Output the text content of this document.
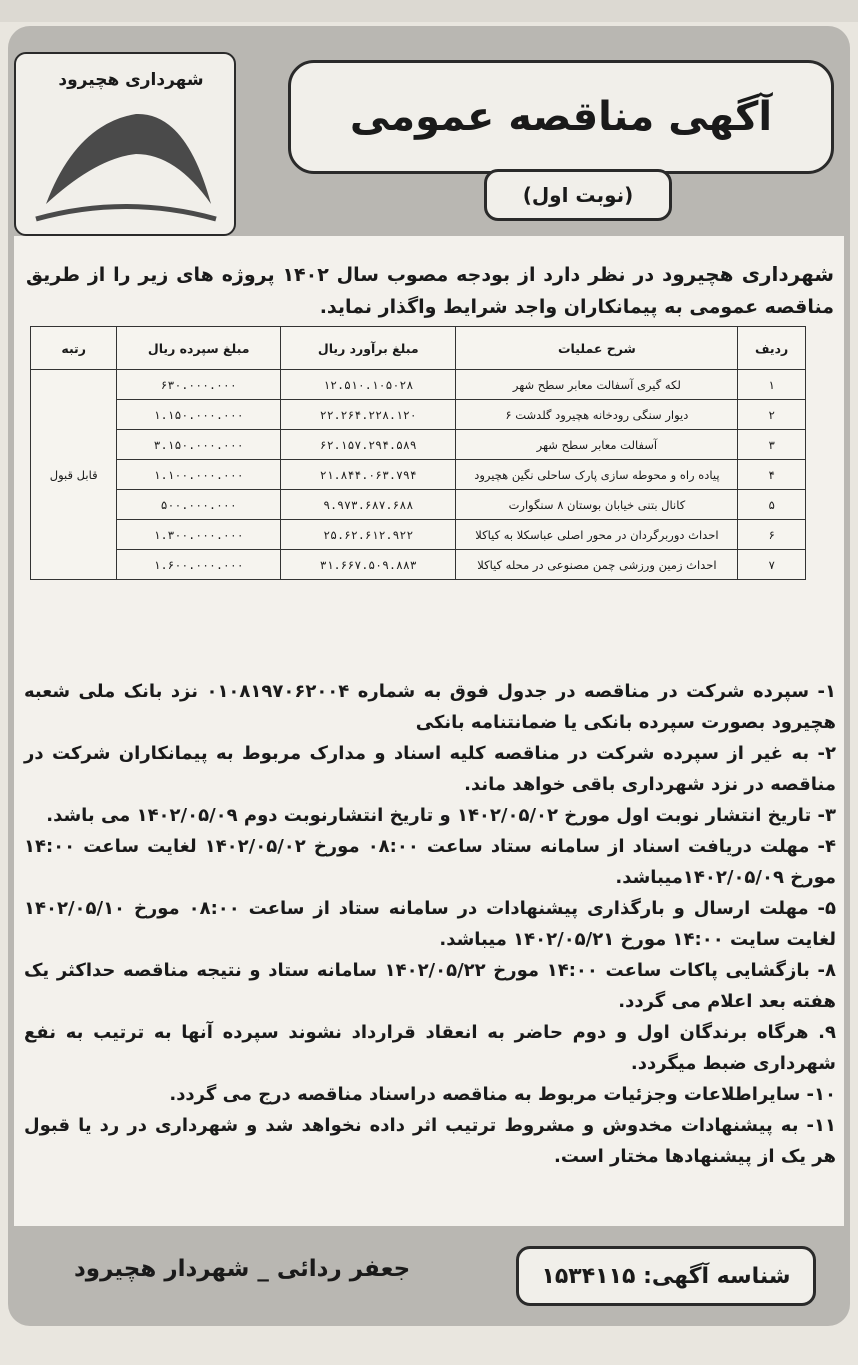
شهرداری هچیرود
آگهی مناقصه عمومی
(نوبت اول)
شهرداری هچیرود در نظر دارد از بودجه مصوب سال ۱۴۰۲ پروژه های زیر را از طریق مناقصه عمومی به پیمانکاران واجد شرایط واگذار نماید.
ردیف	شرح عملیات	مبلغ برآورد ریال	مبلغ سپرده ریال	رتبه
۱	لکه گیری آسفالت معابر سطح شهر	۱۲.۵۱۰.۱۰۵۰۲۸	۶۳۰.۰۰۰.۰۰۰	قابل قبول
۲	دیوار سنگی رودخانه هچیرود گلدشت ۶	۲۲.۲۶۴.۲۲۸.۱۲۰	۱.۱۵۰.۰۰۰.۰۰۰	
۳	آسفالت معابر سطح شهر	۶۲.۱۵۷.۲۹۴.۵۸۹	۳.۱۵۰.۰۰۰.۰۰۰	
۴	پیاده راه و محوطه سازی پارک ساحلی نگین هچیرود	۲۱.۸۴۴.۰۶۳.۷۹۴	۱.۱۰۰.۰۰۰.۰۰۰	
۵	کانال بتنی خیابان بوستان ۸ سنگوارت	۹.۹۷۳.۶۸۷.۶۸۸	۵۰۰.۰۰۰.۰۰۰	
۶	احداث دوربرگردان در محور اصلی عباسکلا به کیاکلا	۲۵.۶۲.۶۱۲.۹۲۲	۱.۳۰۰.۰۰۰.۰۰۰	
۷	احداث زمین ورزشی چمن مصنوعی در محله کیاکلا	۳۱.۶۶۷.۵۰۹.۸۸۳	۱.۶۰۰.۰۰۰.۰۰۰	

۱- سپرده شرکت در مناقصه در جدول فوق به شماره ۰۱۰۸۱۹۷۰۶۲۰۰۴ نزد بانک ملی شعبه هچیرود بصورت سپرده بانکی یا ضمانتنامه بانکی

۲- به غیر از سپرده شرکت در مناقصه کلیه اسناد و مدارک مربوط به پیمانکاران شرکت در مناقصه در نزد شهرداری باقی خواهد ماند.

۳- تاریخ انتشار نوبت اول مورخ ۱۴۰۲/۰۵/۰۲ و تاریخ انتشارنوبت دوم ۱۴۰۲/۰۵/۰۹ می باشد.

۴- مهلت دریافت اسناد از سامانه ستاد ساعت ۰۸:۰۰ مورخ ۱۴۰۲/۰۵/۰۲ لغایت ساعت ۱۴:۰۰ مورخ ۱۴۰۲/۰۵/۰۹میباشد.

۵- مهلت ارسال و بارگذاری پیشنهادات در سامانه ستاد از ساعت ۰۸:۰۰ مورخ ۱۴۰۲/۰۵/۱۰ لغایت سایت ۱۴:۰۰ مورخ ۱۴۰۲/۰۵/۲۱ میباشد.

۸- بازگشایی پاکات ساعت ۱۴:۰۰ مورخ ۱۴۰۲/۰۵/۲۲ سامانه ستاد و نتیجه مناقصه حداکثر یک هفته بعد اعلام می گردد.

۹. هرگاه برندگان اول و دوم حاضر به انعقاد قرارداد نشوند سپرده آنها به ترتیب به نفع شهرداری ضبط میگردد.

۱۰- سایراطلاعات وجزئیات مربوط به مناقصه دراسناد مناقصه درج می گردد.

۱۱- به پیشنهادات مخدوش و مشروط ترتیب اثر داده نخواهد شد و شهرداری در رد یا قبول هر یک از پیشنهادها مختار است.

جعفر ردائی _ شهردار هچیرود	شناسه آگهی: ۱۵۳۴۱۱۵
